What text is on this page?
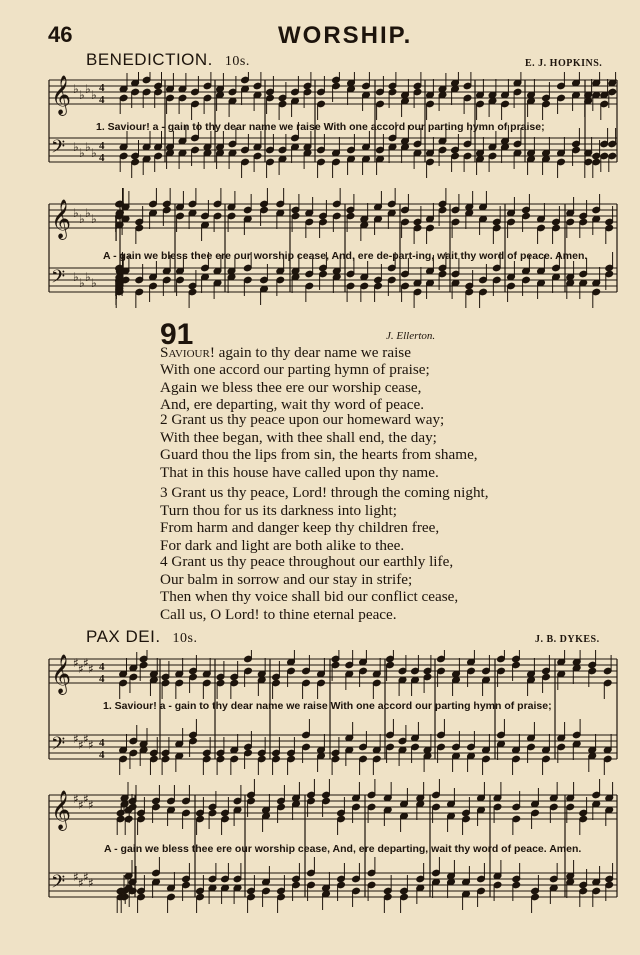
46	WORSHIP.
BENEDICTION. 10s.	E. J. HOPKINS.
𝄞 ♭ ♭ ♭ ♭ 4
4
𝄢 ♭ ♭ ♭ ♭ 4
4
𝄞 ♭ ♭ ♭ ♭
𝄢 ♭ ♭ ♭ ♭
1. Saviour! a - gain to thy dear name we raise With one accord our parting hymn of praise;
A - gain we bless thee ere our worship cease, And, ere de-part-ing, wait thy word of peace. Amen.
91	J. Ellerton.
Saviour! again to thy dear name we raise
With one accord our parting hymn of praise;
Again we bless thee ere our worship cease,
And, ere departing, wait thy word of peace.
2 Grant us thy peace upon our homeward way;
With thee began, with thee shall end, the day;
Guard thou the lips from sin, the hearts from shame,
That in this house have called upon thy name.
3 Grant us thy peace, Lord! through the coming night,
Turn thou for us its darkness into light;
From harm and danger keep thy children free,
For dark and light are both alike to thee.
4 Grant us thy peace throughout our earthly life,
Our balm in sorrow and our stay in strife;
Then when thy voice shall bid our conflict cease,
Call us, O Lord! to thine eternal peace.
PAX DEI. 10s.	J. B. DYKES.
𝄞 ♯ ♯ ♯ ♯ 4
4
𝄢 ♯ ♯ ♯ ♯ 4
4
𝄞 ♯ ♯ ♯ ♯
𝄢 ♯ ♯ ♯ ♯
1. Saviour! a - gain to thy dear name we raise With one accord our parting hymn of praise;
A - gain we bless thee ere our worship cease, And, ere departing, wait thy word of peace. Amen.
